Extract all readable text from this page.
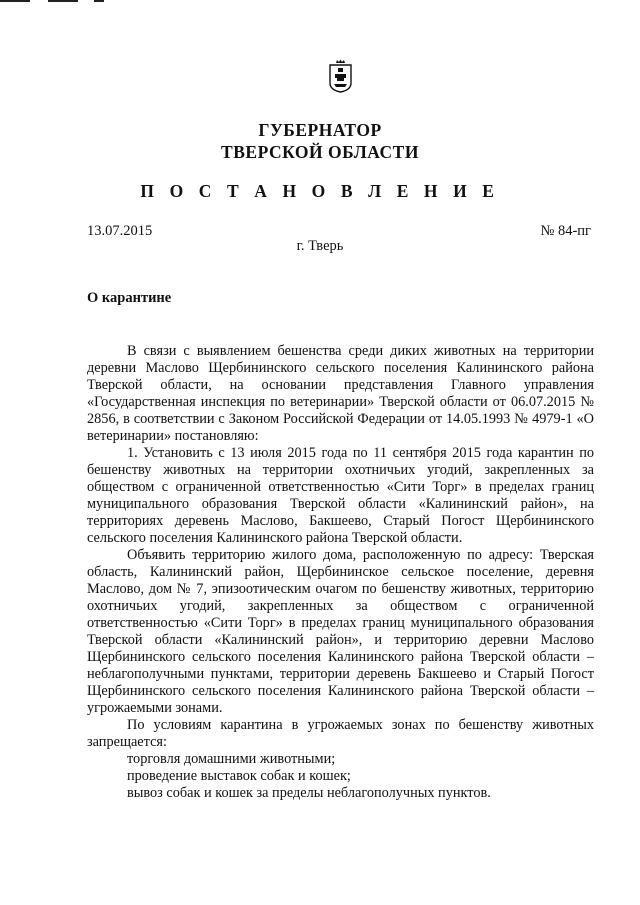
ГУБЕРНАТОР
ТВЕРСКОЙ ОБЛАСТИ
П О С Т А Н О В Л Е Н И Е
13.07.2015	№ 84-пг
г. Тверь
О карантине

В связи с выявлением бешенства среди диких животных на территории деревни Маслово Щербининского сельского поселения Калининского района Тверской области, на основании представления Главного управления «Государственная инспекция по ветеринарии» Тверской области от 06.07.2015 № 2856, в соответствии с Законом Российской Федерации от 14.05.1993 № 4979-1 «О ветеринарии» постановляю:

1. Установить с 13 июля 2015 года по 11 сентября 2015 года карантин по бешенству животных на территории охотничьих угодий, закрепленных за обществом с ограниченной ответственностью «Сити Торг» в пределах границ муниципального образования Тверской области «Калининский район», на территориях деревень Маслово, Бакшеево, Старый Погост Щербининского сельского поселения Калининского района Тверской области.

Объявить территорию жилого дома, расположенную по адресу: Тверская область, Калининский район, Щербининское сельское поселение, деревня Маслово, дом № 7, эпизоотическим очагом по бешенству животных, территорию охотничьих угодий, закрепленных за обществом с ограниченной ответственностью «Сити Торг» в пределах границ муниципального образования Тверской области «Калининский район», и территорию деревни Маслово Щербининского сельского поселения Калининского района Тверской области – неблагополучными пунктами, территории деревень Бакшеево и Старый Погост Щербининского сельского поселения Калининского района Тверской области – угрожаемыми зонами.

По условиям карантина в угрожаемых зонах по бешенству животных запрещается:

торговля домашними животными;

проведение выставок собак и кошек;

вывоз собак и кошек за пределы неблагополучных пунктов.
